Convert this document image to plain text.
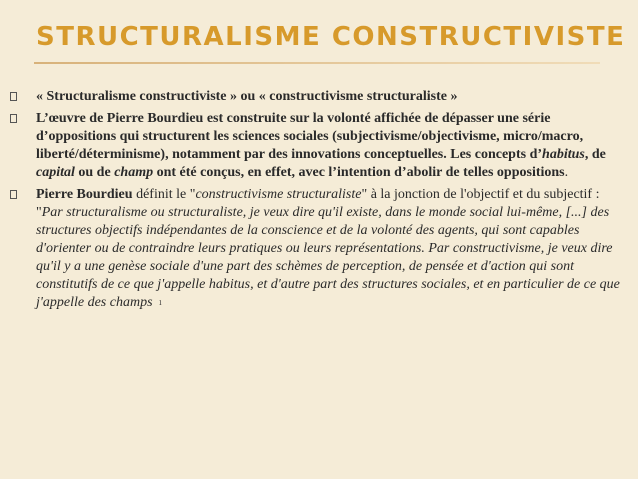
STRUCTURALISME CONSTRUCTIVISTE
« Structuralisme constructiviste » ou « constructivisme structuraliste »
L’œuvre de Pierre Bourdieu est construite sur la volonté affichée de dépasser une série d’oppositions qui structurent les sciences sociales (subjectivisme/objectivisme, micro/macro, liberté/déterminisme), notamment par des innovations conceptuelles. Les concepts d’habitus, de capital ou de champ ont été conçus, en effet, avec l’intention d’abolir de telles oppositions.
Pierre Bourdieu définit le "constructivisme structuraliste" à la jonction de l'objectif et du subjectif : "Par structuralisme ou structuraliste, je veux dire qu'il existe, dans le monde social lui-même, [...] des structures objectifs indépendantes de la conscience et de la volonté des agents, qui sont capables d'orienter ou de contraindre leurs pratiques ou leurs représentations. Par constructivisme, je veux dire qu'il y a une genèse sociale d'une part des schèmes de perception, de pensée et d'action qui sont constitutifs de ce que j'appelle habitus, et d'autre part des structures sociales, et en particulier de ce que j'appelle des champs $^1$
